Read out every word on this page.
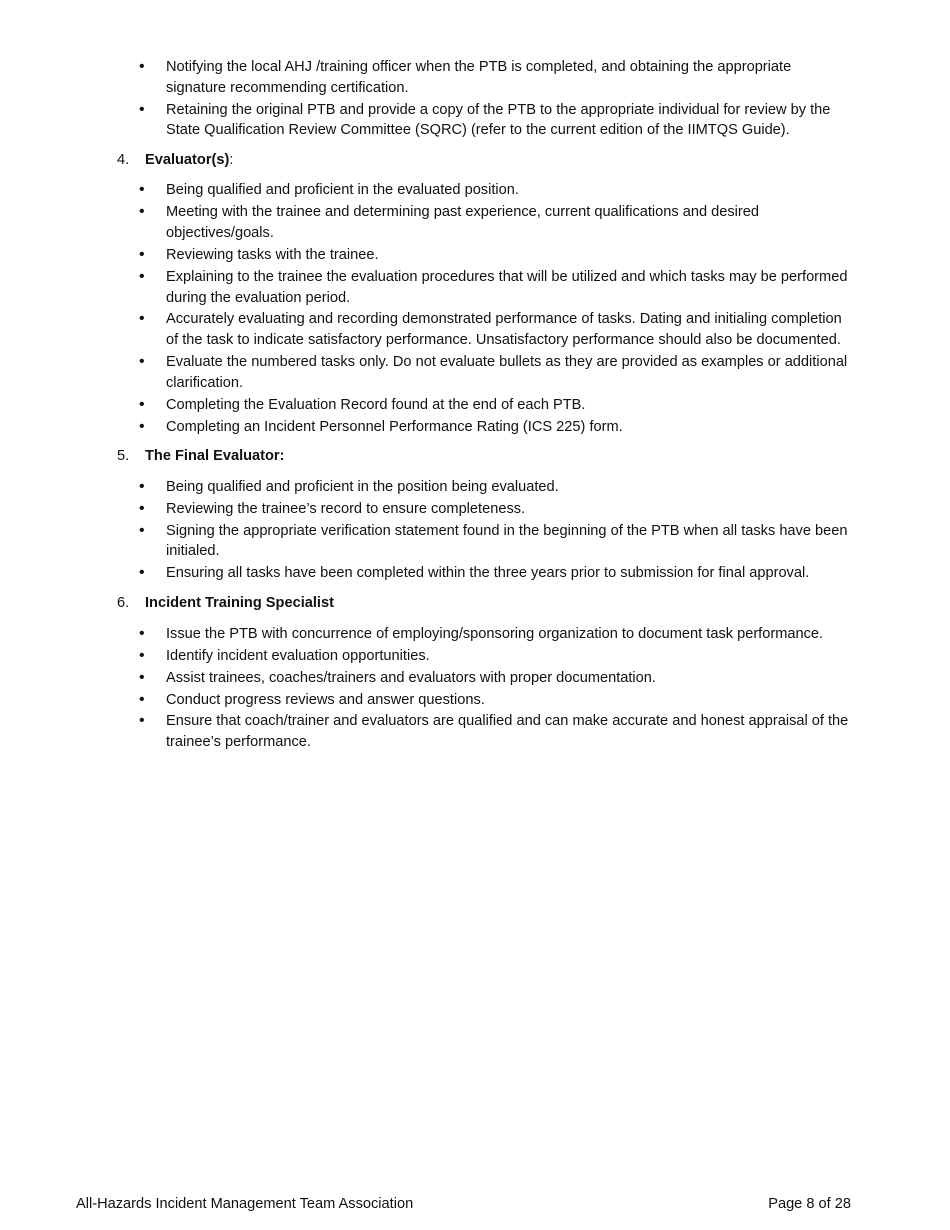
• Notifying the local AHJ /training officer when the PTB is completed, and obtaining the appropriate signature recommending certification.
• Retaining the original PTB and provide a copy of the PTB to the appropriate individual for review by the State Qualification Review Committee (SQRC) (refer to the current edition of the IIMTQS Guide).
4. Evaluator(s):
• Being qualified and proficient in the evaluated position.
• Meeting with the trainee and determining past experience, current qualifications and desired objectives/goals.
• Reviewing tasks with the trainee.
• Explaining to the trainee the evaluation procedures that will be utilized and which tasks may be performed during the evaluation period.
• Accurately evaluating and recording demonstrated performance of tasks. Dating and initialing completion of the task to indicate satisfactory performance. Unsatisfactory performance should also be documented.
• Evaluate the numbered tasks only. Do not evaluate bullets as they are provided as examples or additional clarification.
• Completing the Evaluation Record found at the end of each PTB.
• Completing an Incident Personnel Performance Rating (ICS 225) form.
5. The Final Evaluator:
• Being qualified and proficient in the position being evaluated.
• Reviewing the trainee’s record to ensure completeness.
• Signing the appropriate verification statement found in the beginning of the PTB when all tasks have been initialed.
• Ensuring all tasks have been completed within the three years prior to submission for final approval.
6. Incident Training Specialist
• Issue the PTB with concurrence of employing/sponsoring organization to document task performance.
• Identify incident evaluation opportunities.
• Assist trainees, coaches/trainers and evaluators with proper documentation.
• Conduct progress reviews and answer questions.
• Ensure that coach/trainer and evaluators are qualified and can make accurate and honest appraisal of the trainee’s performance.
All-Hazards Incident Management Team Association	Page 8 of 28
